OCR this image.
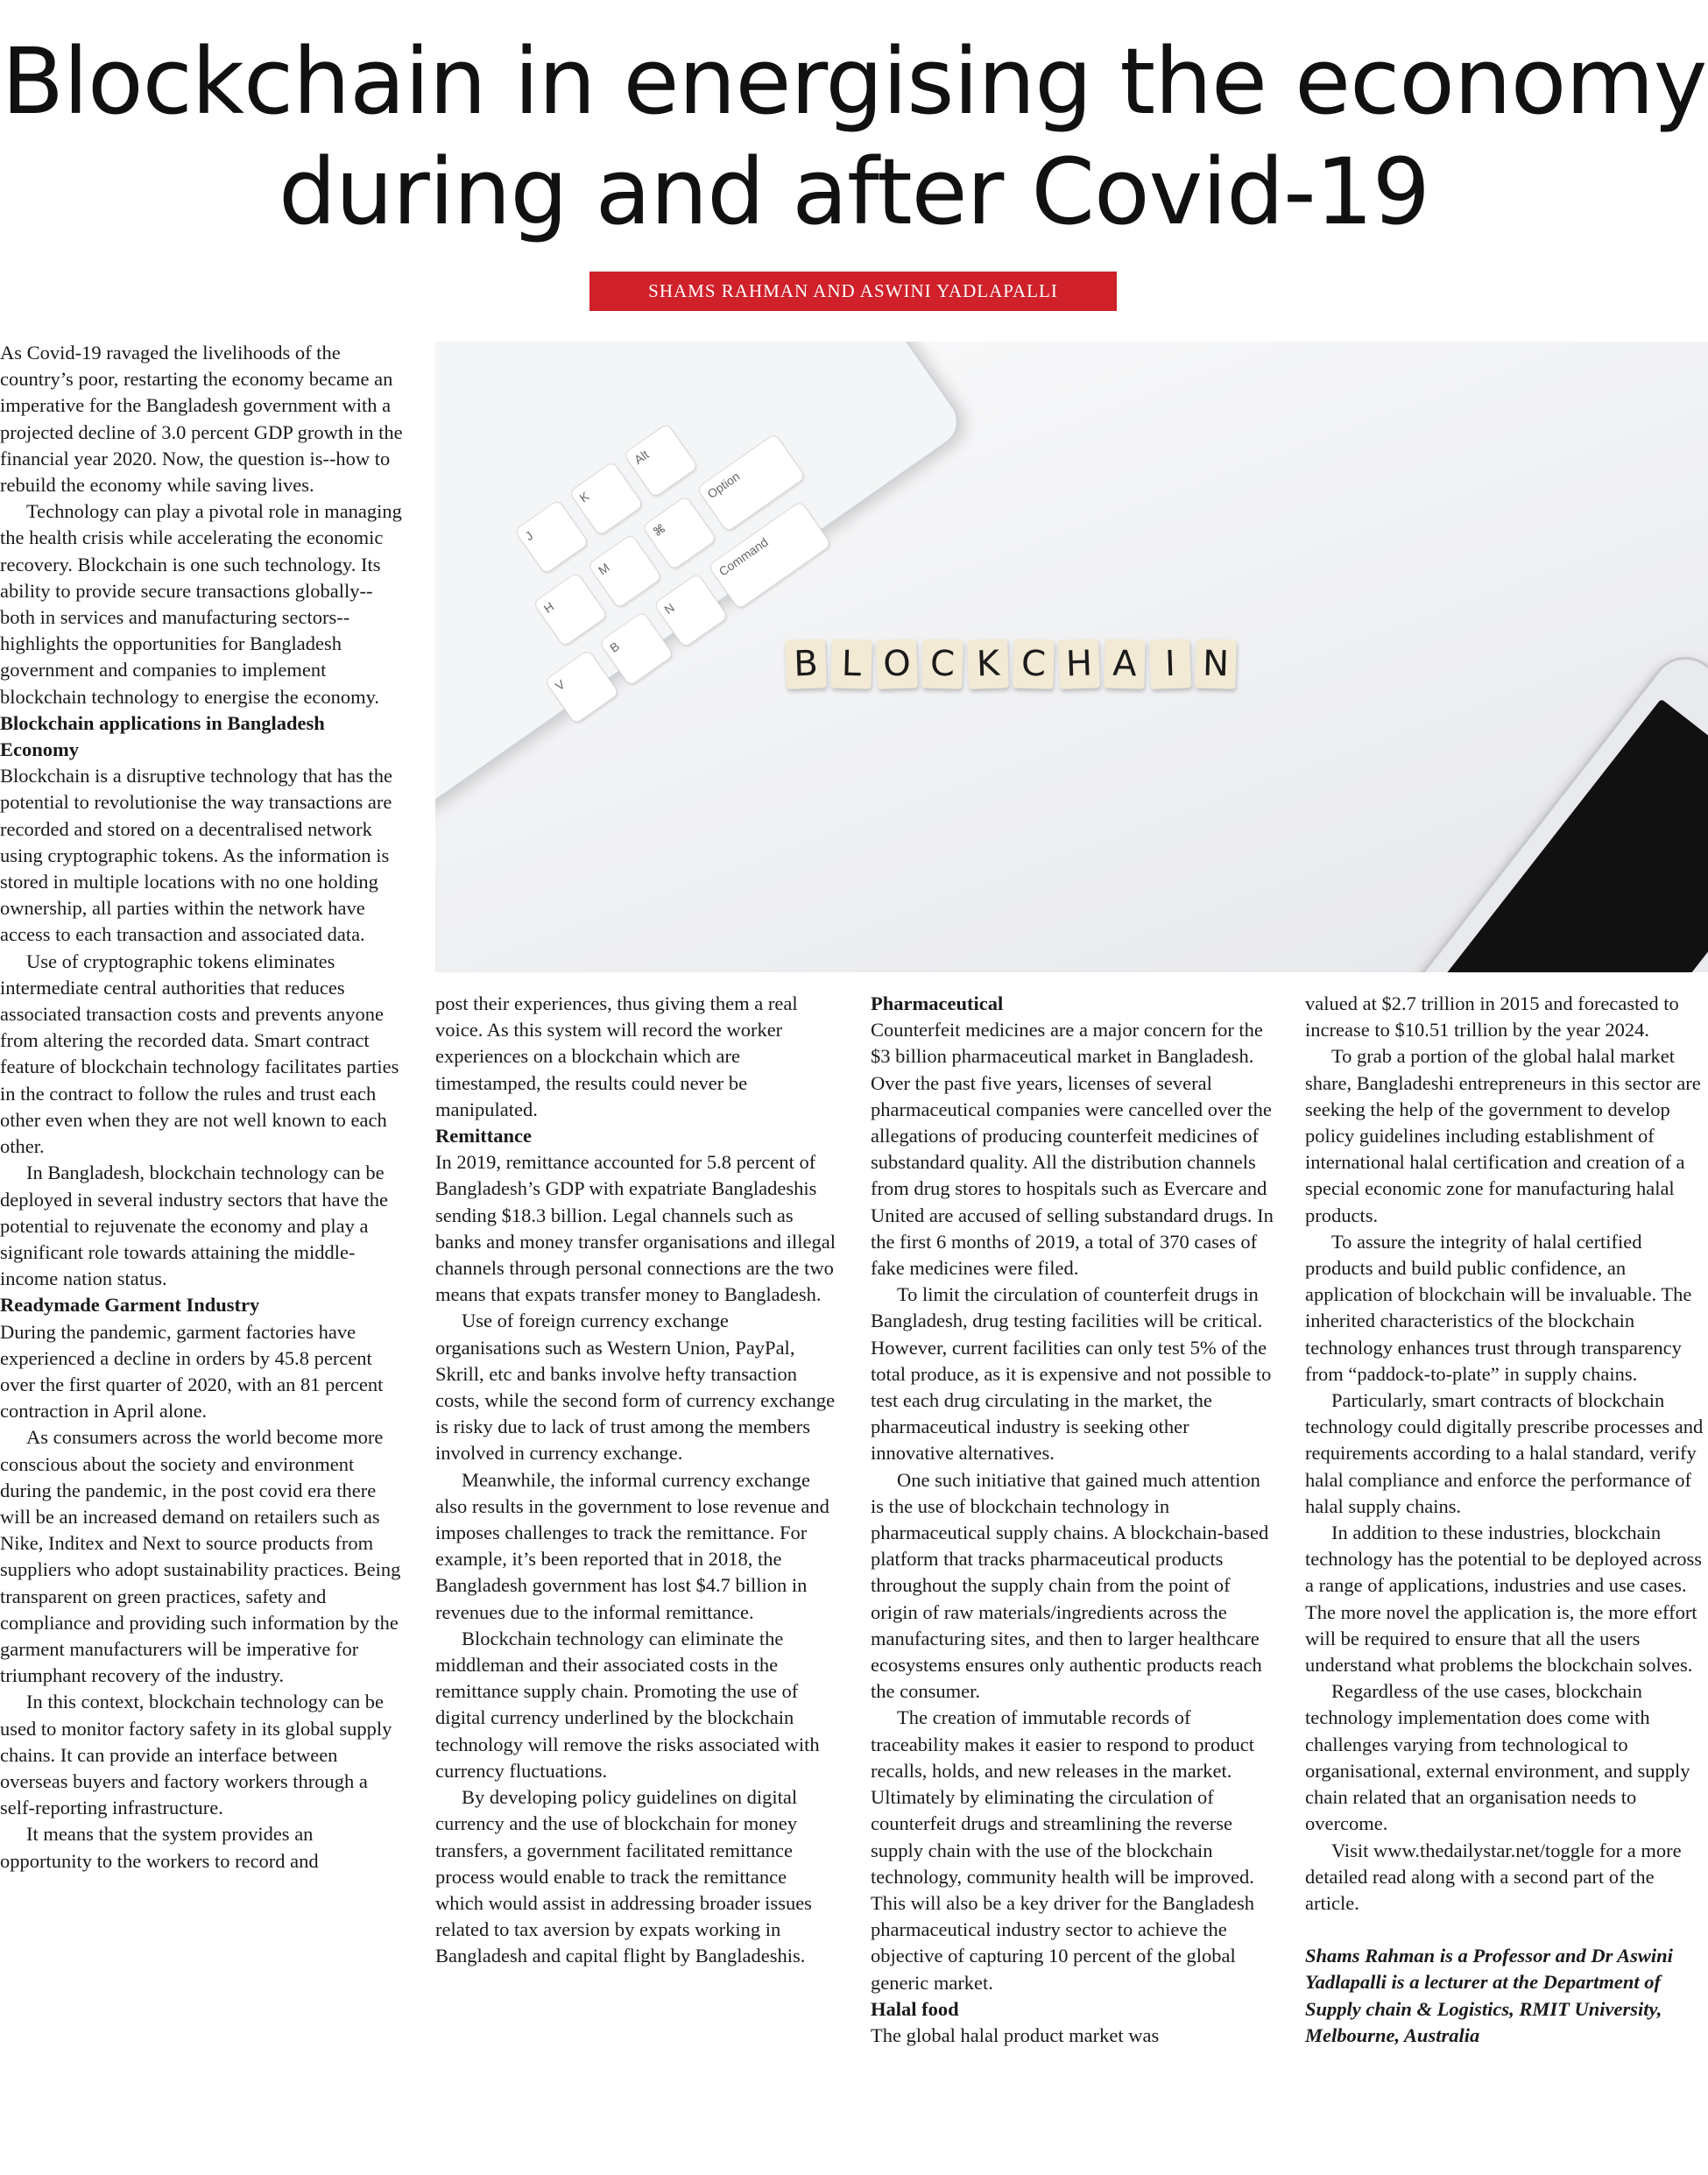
Blockchain in energising the economy
during and after Covid-19
SHAMS RAHMAN AND ASWINI YADLAPALLI
J
K
Alt
H
M
⌘
Option
V
B
N
Command
B L O C K C H A I N

As Covid-19 ravaged the livelihoods of the country’s poor, restarting the economy became an imperative for the Bangladesh government with a projected decline of 3.0 percent GDP growth in the financial year 2020. Now, the question is--how to rebuild the economy while saving lives.

Technology can play a pivotal role in managing the health crisis while accelerating the economic recovery. Blockchain is one such technology. Its ability to provide secure transactions globally--both in services and manufacturing sectors--highlights the opportunities for Bangladesh government and companies to implement blockchain technology to energise the economy.

Blockchain applications in Bangladesh Economy

Blockchain is a disruptive technology that has the potential to revolutionise the way transactions are recorded and stored on a decentralised network using cryptographic tokens. As the information is stored in multiple locations with no one holding ownership, all parties within the network have access to each transaction and associated data.

Use of cryptographic tokens eliminates intermediate central authorities that reduces associated transaction costs and prevents anyone from altering the recorded data. Smart contract feature of blockchain technology facilitates parties in the contract to follow the rules and trust each other even when they are not well known to each other.

In Bangladesh, blockchain technology can be deployed in several industry sectors that have the potential to rejuvenate the economy and play a significant role towards attaining the middle-income nation status.

Readymade Garment Industry

During the pandemic, garment factories have experienced a decline in orders by 45.8 percent over the first quarter of 2020, with an 81 percent contraction in April alone.

As consumers across the world become more conscious about the society and environment during the pandemic, in the post covid era there will be an increased demand on retailers such as Nike, Inditex and Next to source products from suppliers who adopt sustainability practices. Being transparent on green practices, safety and compliance and providing such information by the garment manufacturers will be imperative for triumphant recovery of the industry.

In this context, blockchain technology can be used to monitor factory safety in its global supply chains. It can provide an interface between overseas buyers and factory workers through a self-reporting infrastructure.

It means that the system provides an opportunity to the workers to record and

post their experiences, thus giving them a real voice. As this system will record the worker experiences on a blockchain which are timestamped, the results could never be manipulated.

Remittance

In 2019, remittance accounted for 5.8 percent of Bangladesh’s GDP with expatriate Bangladeshis sending $18.3 billion. Legal channels such as banks and money transfer organisations and illegal channels through personal connections are the two means that expats transfer money to Bangladesh.

Use of foreign currency exchange organisations such as Western Union, PayPal, Skrill, etc and banks involve hefty transaction costs, while the second form of currency exchange is risky due to lack of trust among the members involved in currency exchange.

Meanwhile, the informal currency exchange also results in the government to lose revenue and imposes challenges to track the remittance. For example, it’s been reported that in 2018, the Bangladesh government has lost $4.7 billion in revenues due to the informal remittance.

Blockchain technology can eliminate the middleman and their associated costs in the remittance supply chain. Promoting the use of digital currency underlined by the blockchain technology will remove the risks associated with currency fluctuations.

By developing policy guidelines on digital currency and the use of blockchain for money transfers, a government facilitated remittance process would enable to track the remittance which would assist in addressing broader issues related to tax aversion by expats working in Bangladesh and capital flight by Bangladeshis.

Pharmaceutical

Counterfeit medicines are a major concern for the $3 billion pharmaceutical market in Bangladesh. Over the past five years, licenses of several pharmaceutical companies were cancelled over the allegations of producing counterfeit medicines of substandard quality. All the distribution channels from drug stores to hospitals such as Evercare and United are accused of selling substandard drugs. In the first 6 months of 2019, a total of 370 cases of fake medicines were filed.

To limit the circulation of counterfeit drugs in Bangladesh, drug testing facilities will be critical. However, current facilities can only test 5% of the total produce, as it is expensive and not possible to test each drug circulating in the market, the pharmaceutical industry is seeking other innovative alternatives.

One such initiative that gained much attention is the use of blockchain technology in pharmaceutical supply chains. A blockchain-based platform that tracks pharmaceutical products throughout the supply chain from the point of origin of raw materials/ingredients across the manufacturing sites, and then to larger healthcare ecosystems ensures only authentic products reach the consumer.

The creation of immutable records of traceability makes it easier to respond to product recalls, holds, and new releases in the market. Ultimately by eliminating the circulation of counterfeit drugs and streamlining the reverse supply chain with the use of the blockchain technology, community health will be improved. This will also be a key driver for the Bangladesh pharmaceutical industry sector to achieve the objective of capturing 10 percent of the global generic market.

Halal food

The global halal product market was

valued at $2.7 trillion in 2015 and forecasted to increase to $10.51 trillion by the year 2024.

To grab a portion of the global halal market share, Bangladeshi entrepreneurs in this sector are seeking the help of the government to develop policy guidelines including establishment of international halal certification and creation of a special economic zone for manufacturing halal products.

To assure the integrity of halal certified products and build public confidence, an application of blockchain will be invaluable. The inherited characteristics of the blockchain technology enhances trust through transparency from “paddock-to-plate” in supply chains.

Particularly, smart contracts of blockchain technology could digitally prescribe processes and requirements according to a halal standard, verify halal compliance and enforce the performance of halal supply chains.

In addition to these industries, blockchain technology has the potential to be deployed across a range of applications, industries and use cases. The more novel the application is, the more effort will be required to ensure that all the users understand what problems the blockchain solves.

Regardless of the use cases, blockchain technology implementation does come with challenges varying from technological to organisational, external environment, and supply chain related that an organisation needs to overcome.

Visit www.thedailystar.net/toggle for a more detailed read along with a second part of the article.

Shams Rahman is a Professor and Dr Aswini Yadlapalli is a lecturer at the Department of Supply chain & Logistics, RMIT University, Melbourne, Australia
